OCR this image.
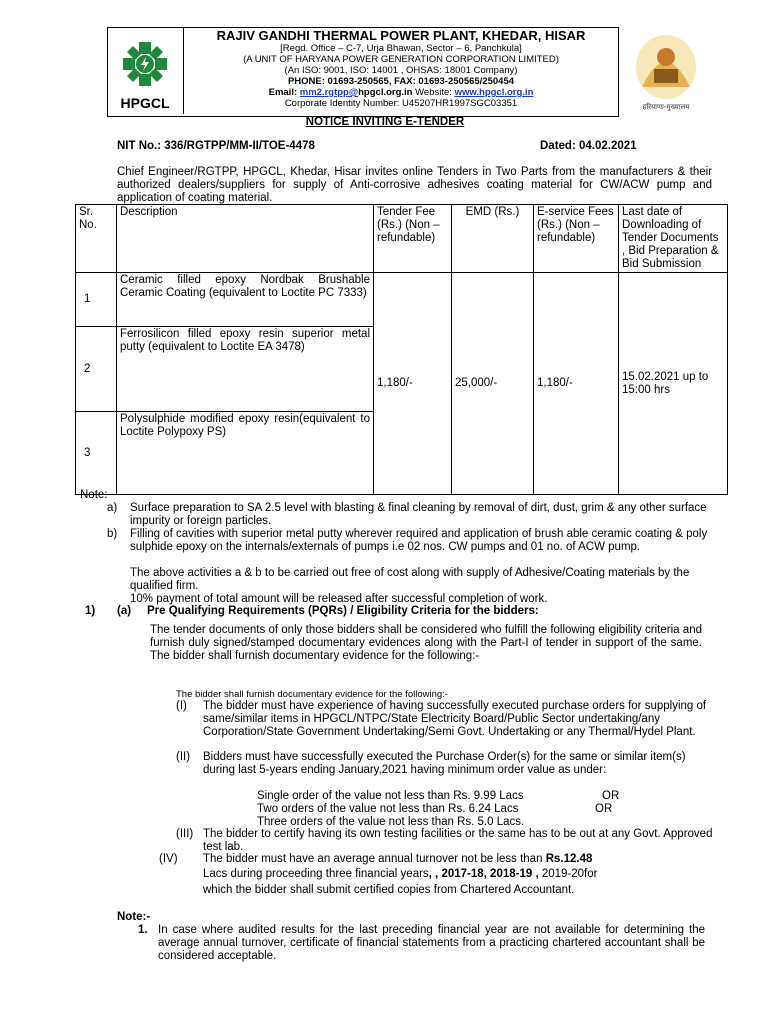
HPGCL
RAJIV GANDHI THERMAL POWER PLANT, KHEDAR, HISAR
[Regd. Office – C-7, Urja Bhawan, Sector – 6, Panchkula]
(A UNIT OF HARYANA POWER GENERATION CORPORATION LIMITED)
(An ISO: 9001, ISO: 14001 , OHSAS: 18001 Company)
PHONE: 01693-250565, FAX: 01693-250565/250454
Email: mm2.rgtpp@hpgcl.org.in Website: www.hpgcl.org.in
Corporate Identity Number: U45207HR1997SGC03351	हरियाणा-मुख्यालय
NOTICE INVITING E-TENDER
NIT No.: 336/RGTPP/MM-II/TOE-4478	Dated: 04.02.2021
Chief Engineer/RGTPP, HPGCL, Khedar, Hisar invites online Tenders in Two Parts from the manufacturers & their authorized dealers/suppliers for supply of Anti-corrosive adhesives coating material for CW/ACW pump and application of coating material.
Sr. No.	Description	Tender Fee (Rs.) (Non – refundable)	EMD (Rs.)	E-service Fees (Rs.) (Non – refundable)	Last date of Downloading of Tender Documents , Bid Preparation & Bid Submission
1	Ceramic filled epoxy Nordbak Brushable Ceramic Coating (equivalent to Loctite PC 7333)	1,180/-	25,000/-	1,180/-	15.02.2021 up to 15:00 hrs
2	Ferrosilicon filled epoxy resin superior metal putty (equivalent to Loctite EA 3478)				
3	Polysulphide modified epoxy resin(equivalent to Loctite Polypoxy PS)				
Note:
a) Surface preparation to SA 2.5 level with blasting & final cleaning by removal of dirt, dust, grim & any other surface impurity or foreign particles.
b) Filling of cavities with superior metal putty wherever required and application of brush able ceramic coating & poly sulphide epoxy on the internals/externals of pumps i.e 02 nos. CW pumps and 01 no. of ACW pump.
The above activities a & b to be carried out free of cost along with supply of Adhesive/Coating materials by the qualified firm.
10% payment of total amount will be released after successful completion of work.
1) (a) Pre Qualifying Requirements (PQRs) / Eligibility Criteria for the bidders:
The tender documents of only those bidders shall be considered who fulfill the following eligibility criteria and furnish duly signed/stamped documentary evidences along with the Part-I of tender in support of the same. The bidder shall furnish documentary evidence for the following:-
The bidder shall furnish documentary evidence for the following:-
(I) The bidder must have experience of having successfully executed purchase orders for supplying of same/similar items in HPGCL/NTPC/State Electricity Board/Public Sector undertaking/any Corporation/State Government Undertaking/Semi Govt. Undertaking or any Thermal/Hydel Plant.
(II) Bidders must have successfully executed the Purchase Order(s) for the same or similar item(s) during last 5-years ending January,2021 having minimum order value as under:
Single order of the value not less than Rs. 9.99 Lacs	OR
Two orders of the value not less than Rs. 6.24 Lacs	OR
Three orders of the value not less than Rs. 5.0 Lacs.
(III) The bidder to certify having its own testing facilities or the same has to be out at any Govt. Approved test lab.
(IV) The bidder must have an average annual turnover not be less than Rs.12.48
Lacs during proceeding three financial years, , 2017-18, 2018-19 , 2019-20for
which the bidder shall submit certified copies from Chartered Accountant.
Note:-
1. In case where audited results for the last preceding financial year are not available for determining the average annual turnover, certificate of financial statements from a practicing chartered accountant shall be considered acceptable.
